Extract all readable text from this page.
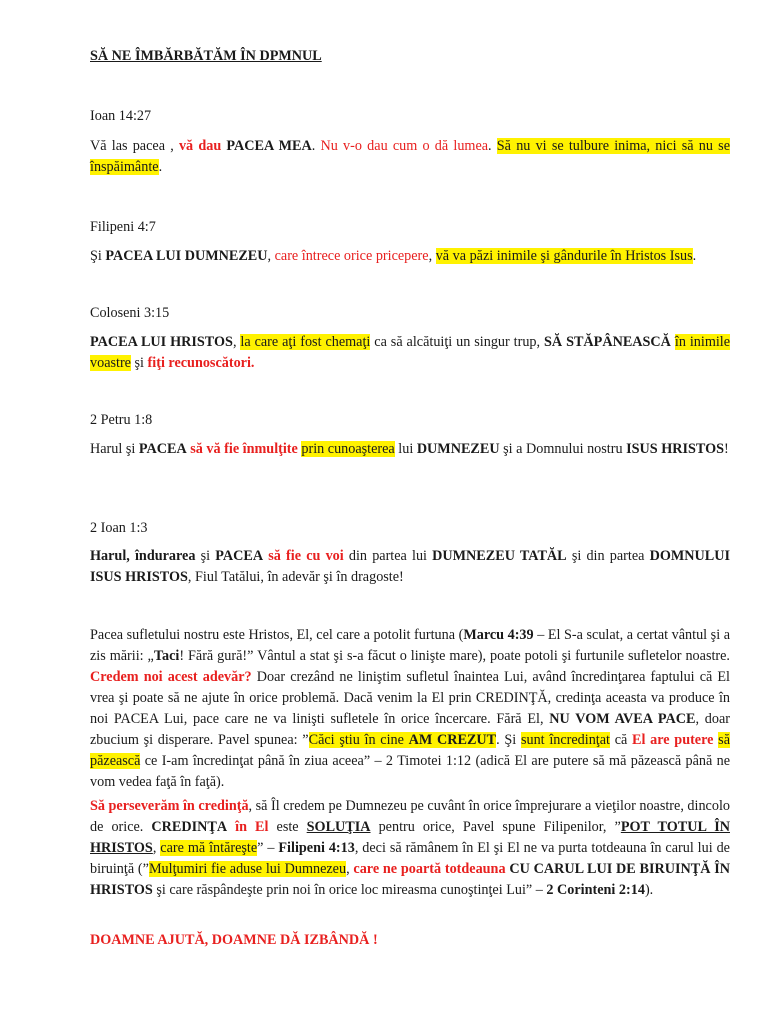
SĂ NE ÎMBĂRBĂTĂM ÎN DPMNUL

Ioan 14:27

Vă las pacea , vă dau PACEA MEA. Nu v-o dau cum o dă lumea. Să nu vi se tulbure inima, nici să nu se înspăimânte.

Filipeni 4:7

Şi PACEA LUI DUMNEZEU, care întrece orice pricepere, vă va păzi inimile şi gândurile în Hristos Isus.

Coloseni 3:15

PACEA LUI HRISTOS, la care aţi fost chemaţi ca să alcătuiţi un singur trup, SĂ STĂPÂNEASCĂ în inimile voastre şi fiţi recunoscători.

2 Petru 1:8

Harul şi PACEA să vă fie înmulţite prin cunoaşterea lui DUMNEZEU şi a Domnului nostru ISUS HRISTOS!

2 Ioan 1:3

Harul, îndurarea şi PACEA să fie cu voi din partea lui DUMNEZEU TATĂL şi din partea DOMNULUI ISUS HRISTOS, Fiul Tatălui, în adevăr şi în dragoste!

Pacea sufletului nostru este Hristos, El, cel care a potolit furtuna (Marcu 4:39 – El S-a sculat, a certat vântul şi a zis mării: „Taci! Fără gură!” Vântul a stat şi s-a făcut o linişte mare), poate potoli şi furtunile sufletelor noastre. Credem noi acest adevăr? Doar crezând ne liniştim sufletul înaintea Lui, având încredinţarea faptului că El vrea şi poate să ne ajute în orice problemă. Dacă venim la El prin CREDINŢĂ, credinţa aceasta va produce în noi PACEA Lui, pace care ne va linişti sufletele în orice încercare. Fără El, NU VOM AVEA PACE, doar zbucium şi disperare. Pavel spunea: ”Căci ştiu în cine AM CREZUT. Şi sunt încredinţat că El are putere să păzească ce I-am încredinţat până în ziua aceea” – 2 Timotei 1:12 (adică El are putere să mă păzească până ne vom vedea faţă în faţă).

Să perseverăm în credinţă, să Îl credem pe Dumnezeu pe cuvânt în orice împrejurare a vieţilor noastre, dincolo de orice. CREDINŢA în El este SOLUŢIA pentru orice, Pavel spune Filipenilor, ”POT TOTUL ÎN HRISTOS, care mă întăreşte” – Filipeni 4:13, deci să rămânem în El şi El ne va purta totdeauna în carul lui de biruinţă (”Mulţumiri fie aduse lui Dumnezeu, care ne poartă totdeauna CU CARUL LUI DE BIRUINŢĂ ÎN HRISTOS şi care răspândeşte prin noi în orice loc mireasma cunoştinţei Lui” – 2 Corinteni 2:14).

DOAMNE AJUTĂ, DOAMNE DĂ IZBÂNDĂ !
